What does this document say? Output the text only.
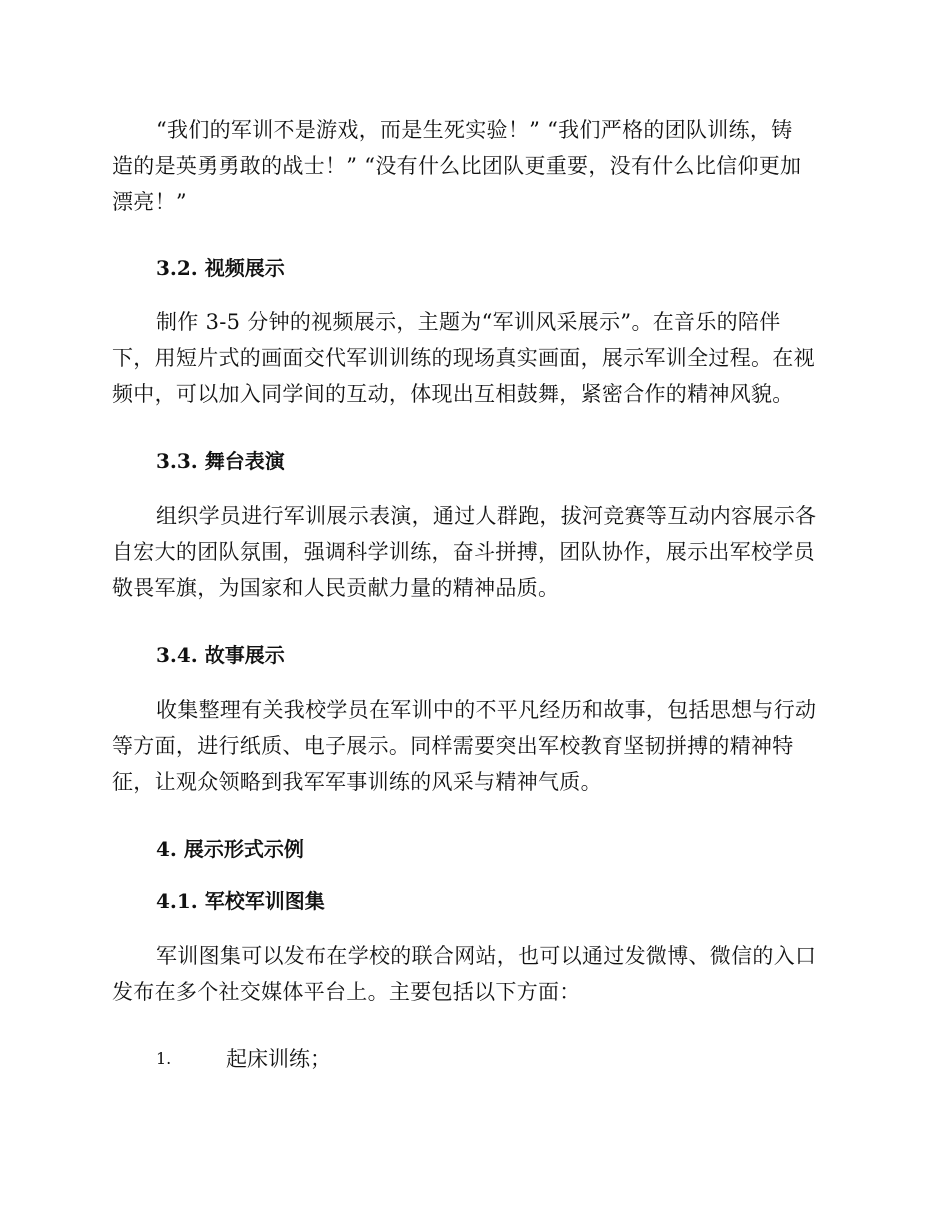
“我们的军训不是游戏，而是生死实验！” “我们严格的团队训练，铸
造的是英勇勇敢的战士！” “没有什么比团队更重要，没有什么比信仰更加
漂亮！”
3.2. 视频展示
制作 3-5 分钟的视频展示，主题为“军训风采展示”。在音乐的陪伴
下，用短片式的画面交代军训训练的现场真实画面，展示军训全过程。在视
频中，可以加入同学间的互动，体现出互相鼓舞，紧密合作的精神风貌。
3.3. 舞台表演
组织学员进行军训展示表演，通过人群跑，拔河竞赛等互动内容展示各
自宏大的团队氛围，强调科学训练，奋斗拼搏，团队协作，展示出军校学员
敬畏军旗，为国家和人民贡献力量的精神品质。
3.4. 故事展示
收集整理有关我校学员在军训中的不平凡经历和故事，包括思想与行动
等方面，进行纸质、电子展示。同样需要突出军校教育坚韧拼搏的精神特
征，让观众领略到我军军事训练的风采与精神气质。
4. 展示形式示例
4.1. 军校军训图集
军训图集可以发布在学校的联合网站，也可以通过发微博、微信的入口
发布在多个社交媒体平台上。主要包括以下方面：
1.	起床训练；
